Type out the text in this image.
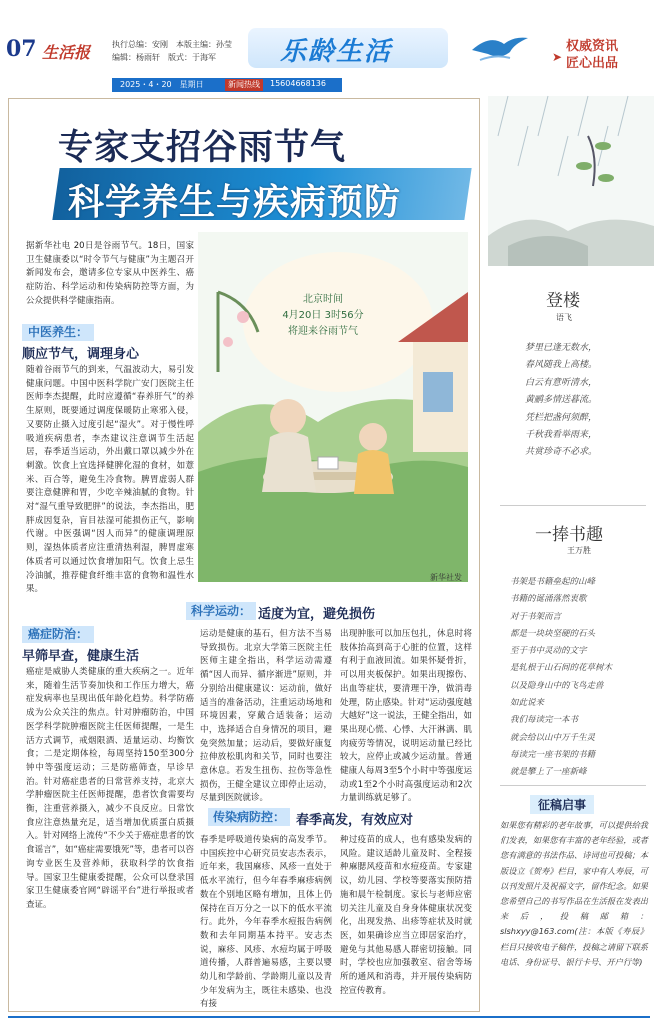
07 生活报	执行总编：安刚　本版主编：孙莹
编辑：杨雨轩　版式：于海军	乐龄生活	➤
权威资讯
匠心出品
2025・4・20　星期日	新闻热线	15604668136
专家支招谷雨节气
科学养生与疾病预防

据新华社电 20日是谷雨节气。18日，国家卫生健康委以“时令节气与健康”为主题召开新闻发布会，邀请多位专家从中医养生、癌症防治、科学运动和传染病防控等方面，为公众提供科学健康指南。

中医养生：
顺应节气，调理身心

随着谷雨节气的到来，气温波动大，易引发健康问题。中国中医科学院广安门医院主任医师李杰提醒，此时应遵循“春养肝气”的养生原则，既要通过调度保暖防止寒邪入侵，又要防止摄入过度引起“湿火”。对于慢性呼吸道疾病患者，李杰建议注意调节生活起居，春季适当运动，外出戴口罩以减少外在刺激。饮食上宜选择健脾化湿的食材，如薏米、百合等，避免生冷食物。脾胃虚弱人群要注意健脾和胃，少吃辛辣油腻的食物。针对“湿气重导致肥胖”的说法，李杰指出，肥胖成因复杂，盲目祛湿可能损伤正气，影响代谢。中医强调“因人而异”的健康调理原则，湿热体质者应注重清热利湿，脾胃虚寒体质者可以通过饮食增加阳气。饮食上忌生冷油腻，推荐健食纤维丰富的食物和温性水果。

癌症防治：
早筛早查，健康生活

癌症是威胁人类健康的重大疾病之一。近年来，随着生活节奏加快和工作压力增大，癌症发病率也呈现出低年龄化趋势。科学防癌成为公众关注的焦点。针对肿瘤防治，中国医学科学院肿瘤医院主任医师提醒，一是生活方式调节，戒烟限酒、适量运动、均衡饮食；二是定期体检，每周坚持150至300分钟中等强度运动；三是防癌筛查，早诊早治。针对癌症患者的日常营养支持，北京大学肿瘤医院主任医师提醒，患者饮食需要均衡，注重营养摄入，减少不良反应。日常饮食应注意热量充足，适当增加优质蛋白质摄入。针对网络上流传“不少关于癌症患者的饮食谣言”，如“癌症需要饿死”等，患者可以咨询专业医生及营养师，获取科学的饮食指导。国家卫生健康委提醒，公众可以登录国家卫生健康委官网“辟谣平台”进行举报或者查证。

北京时间
4月20日 3时56分
将迎来谷雨节气
新华社发
科学运动： 适度为宜，避免损伤

运动是健康的基石，但方法不当易导致损伤。北京大学第三医院主任医师主建全指出，科学运动需遵循“因人而异、循序渐进”原则，并分别给出健康建议：运动前，做好适当的准备活动，注重运动场地和环境因素，穿戴合适装备；运动中，选择适合自身情况的项目，避免突然加量；运动后，要做好康复拉伸放松肌肉和关节，同时也要注意休息。若发生扭伤、拉伤等急性损伤，王健全建议立即停止运动，尽量到医院就诊。

出现肿胀可以加压包扎，休息时将肢体抬高到高于心脏的位置，这样有利于血液回流。如果怀疑骨折，可以用夹板保护。如果出现擦伤、出血等症状，要清理干净，做消毒处理，防止感染。针对“运动强度越大越好”这一说法，王健全指出，如果出现心慌、心悸、大汗淋漓、肌肉疲劳等情况，说明运动量已经比较大，应停止或减少运动量。普通健康人每周3至5个小时中等强度运动或1至2个小时高强度运动和2次力量训练就足够了。

传染病防控： 春季高发，有效应对

春季是呼吸道传染病的高发季节。中国疾控中心研究员安志杰表示，近年来，我国麻疹、风疹一直处于低水平流行，但今年春季麻疹病例数在个别地区略有增加，且体上仍保持在百万分之一以下的低水平流行。此外，今年春季水痘报告病例数和去年同期基本持平。安志杰说，麻疹、风疹、水痘均属于呼吸道传播，人群普遍易感，主要以婴幼儿和学龄前、学龄期儿童以及青少年发病为主，既往未感染、也没有接

种过疫苗的成人，也有感染发病的风险。建议适龄儿童及时、全程接种麻腮风疫苗和水痘疫苗。专家建议，幼儿园、学校等要落实预防措施和晨午检制度。家长与老师应密切关注儿童及自身身体健康状况变化，出现发热、出疹等症状及时就医，如果确诊应当立即居家治疗，避免与其他易感人群密切接触。同时，学校也应加强教室、宿舍等场所的通风和消毒，并开展传染病防控宣传教育。

登楼
语飞
梦里已逢无数水，
春风随我上高楼。
白云有意听清水，
黄鹂多情送暮流。
凭栏把盏何须醉，
千秋我看举雨来，
共赏珍奇不必求。
一捧书趣
王万胜
书架是书籍垒起的山峰
书籍的诞涌落然衷歌
对于书架而言
都是一块块坚硬的石头
至于书中灵动的文字
是轧根于山石间的花草树木
以及隐身山中的飞鸟走兽
如此说来
我们每读完一本书
就会给以山中万千生灵
每读完一座书架的书籍
就是攀上了一座新峰
征稿启事

如果您有精彩的老年故事，可以提供给我们发表，如果您有丰富的老年经验，或者您有满意的书法作品、诗词也可投稿；本版设立《贺寿》栏目，家中有人寿辰，可以刊发照片及祝福文字，留作纪念。如果您希望自己的书写作品在生活报在发表出来后，投稿邮箱：slshxyy@163.com(注：本版《寿辰》栏目只接收电子稿件，投稿之请留下联系电话、身份证号、银行卡号、开户行等)
